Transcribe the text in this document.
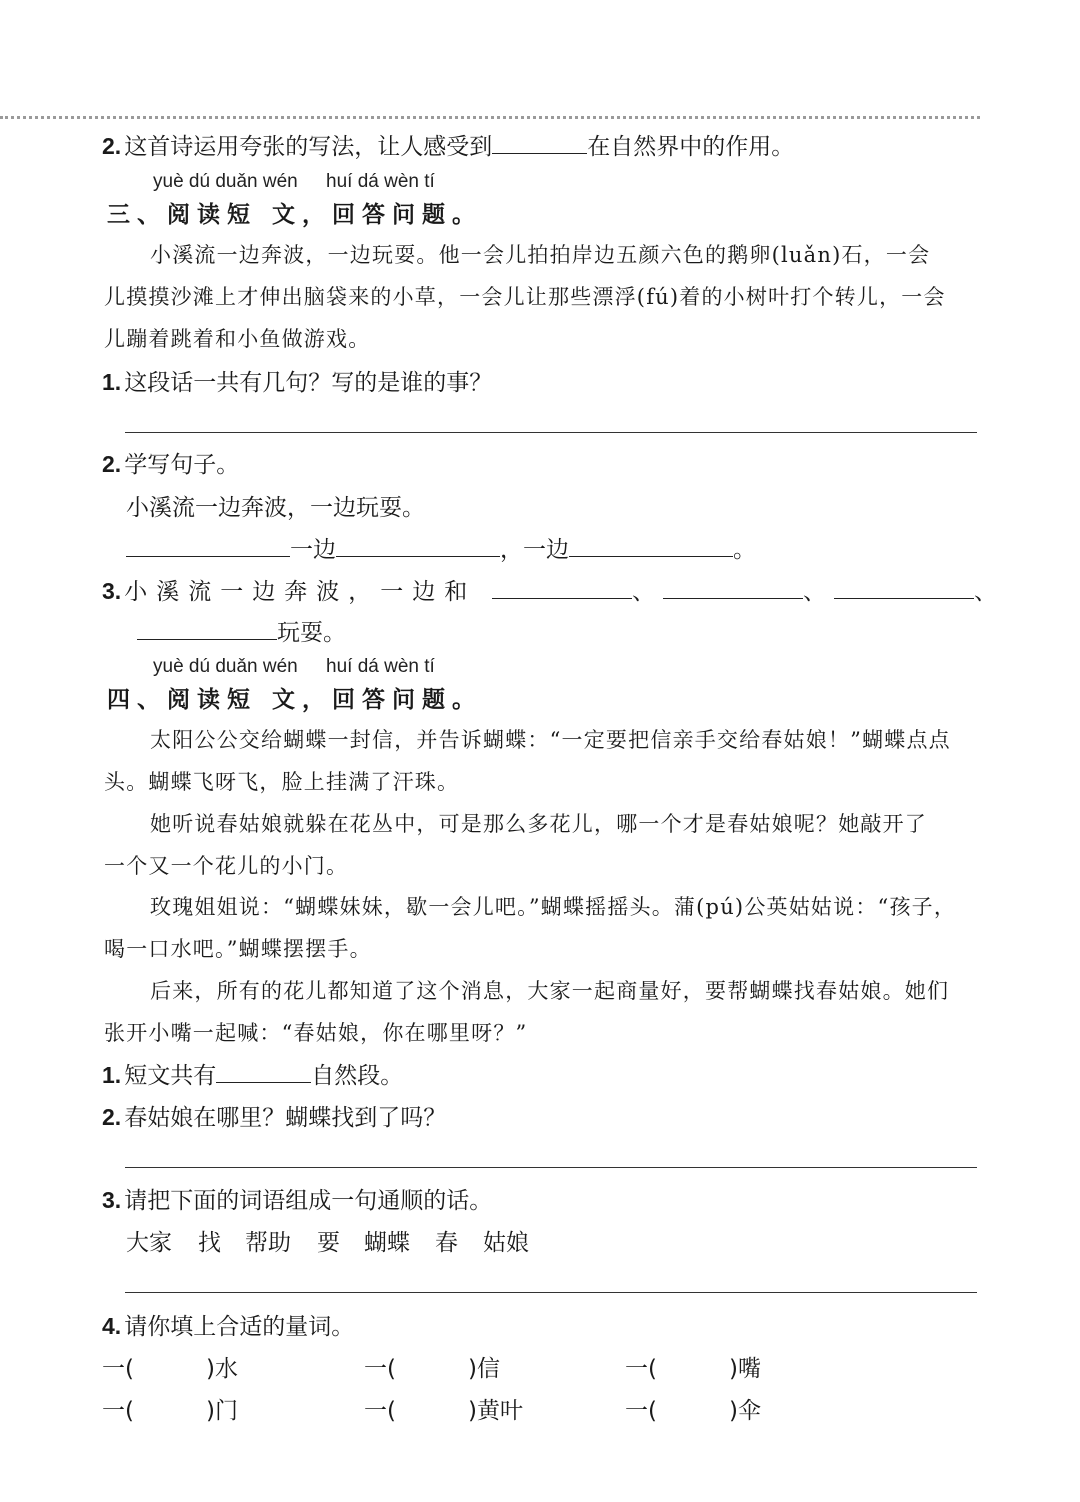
2. 这首诗运用夸张的写法，让人感受到	在自然界中的作用。
yuè dú duǎn wén huí dá wèn tí
三、阅读短 文，回答问题。
小溪流一边奔波，一边玩耍。他一会儿拍拍岸边五颜六色的鹅卵(luǎn)石，一会
儿摸摸沙滩上才伸出脑袋来的小草，一会儿让那些漂浮(fú)着的小树叶打个转儿，一会
儿蹦着跳着和小鱼做游戏。
1. 这段话一共有几句？写的是谁的事？
2. 学写句子。
小溪流一边奔波，一边玩耍。
一边	，一边	。
3. 小溪流一边奔波，一边和	、	、	、
玩耍。
yuè dú duǎn wén huí dá wèn tí
四、阅读短 文，回答问题。
太阳公公交给蝴蝶一封信，并告诉蝴蝶：“一定要把信亲手交给春姑娘！”蝴蝶点点
头。蝴蝶飞呀飞，脸上挂满了汗珠。
她听说春姑娘就躲在花丛中，可是那么多花儿，哪一个才是春姑娘呢？她敲开了
一个又一个花儿的小门。
玫瑰姐姐说：“蝴蝶妹妹，歇一会儿吧。”蝴蝶摇摇头。蒲(pú)公英姑姑说：“孩子，
喝一口水吧。”蝴蝶摆摆手。
后来，所有的花儿都知道了这个消息，大家一起商量好，要帮蝴蝶找春姑娘。她们
张开小嘴一起喊：“春姑娘，你在哪里呀？”
1. 短文共有	自然段。
2. 春姑娘在哪里？蝴蝶找到了吗？
3. 请把下面的词语组成一句通顺的话。
大家 找 帮助 要 蝴蝶 春 姑娘
4. 请你填上合适的量词。
一(	)水	一(	)信	一(	)嘴
一(	)门	一(	)黄叶	一(	)伞
